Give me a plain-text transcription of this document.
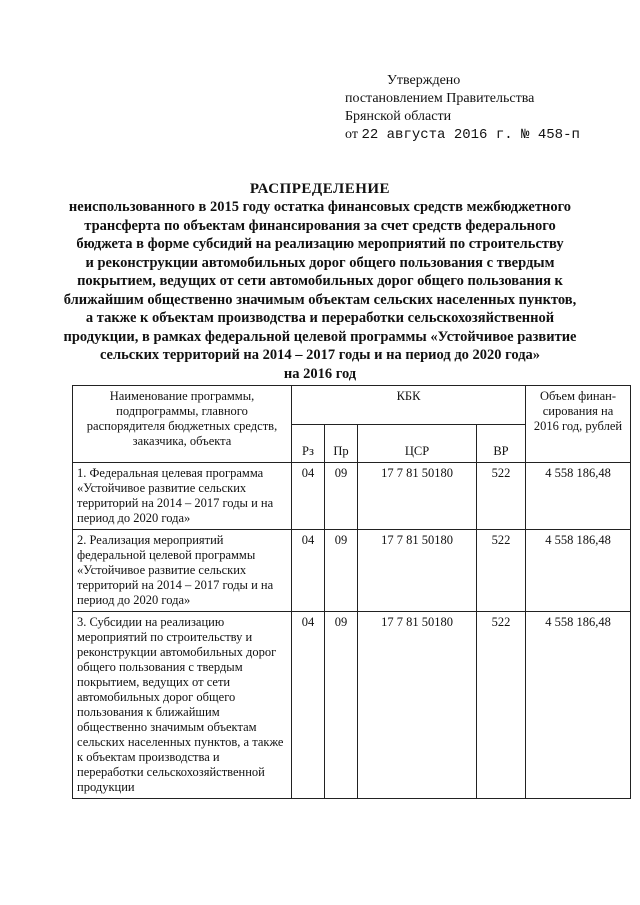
Утверждено
постановлением Правительства
Брянской области
от 22 августа 2016 г. № 458-п
РАСПРЕДЕЛЕНИЕ
неиспользованного в 2015 году остатка финансовых средств межбюджетного
трансферта по объектам финансирования за счет средств федерального
бюджета в форме субсидий на реализацию мероприятий по строительству
и реконструкции автомобильных дорог общего пользования с твердым
покрытием, ведущих от сети автомобильных дорог общего пользования к
ближайшим общественно значимым объектам сельских населенных пунктов,
а также к объектам производства и переработки сельскохозяйственной
продукции, в рамках федеральной целевой программы «Устойчивое развитие
сельских территорий на 2014 – 2017 годы и на период до 2020 года»
на 2016 год
Наименование программы, подпрограммы, главного распорядителя бюджетных средств, заказчика, объекта	КБК				Объем финан-сирования на 2016 год, рублей
	Рз	Пр	ЦСР	ВР	
1. Федеральная целевая программа «Устойчивое развитие сельских территорий на 2014 – 2017 годы и на период до 2020 года»	04	09	17 7 81 50180	522	4 558 186,48
2. Реализация мероприятий федеральной целевой программы «Устойчивое развитие сельских территорий на 2014 – 2017 годы и на период до 2020 года»	04	09	17 7 81 50180	522	4 558 186,48
3. Субсидии на реализацию мероприятий по строительству и реконструкции автомобильных дорог общего пользования с твердым покрытием, ведущих от сети автомобильных дорог общего пользования к ближайшим общественно значимым объектам сельских населенных пунктов, а также к объектам производства и переработки сельскохозяйственной продукции	04	09	17 7 81 50180	522	4 558 186,48
